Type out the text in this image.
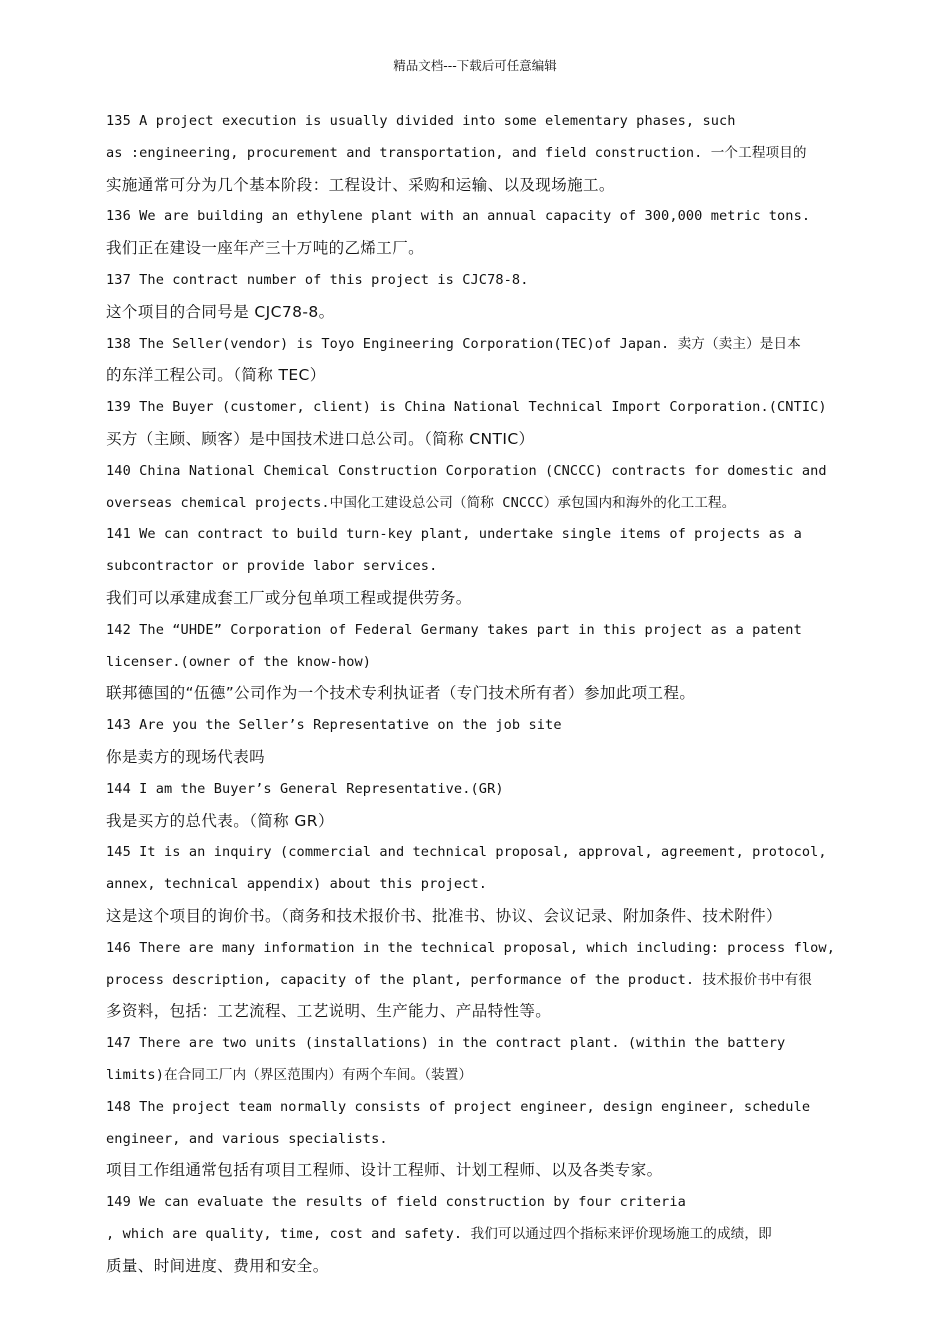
精品文档---下载后可任意编辑
135 A project execution is usually divided into some elementary phases, such
as :engineering, procurement and transportation, and field construction. 一个工程项目的
实施通常可分为几个基本阶段：工程设计、采购和运输、以及现场施工。
136 We are building an ethylene plant with an annual capacity of 300,000 metric tons.
我们正在建设一座年产三十万吨的乙烯工厂。
137 The contract number of this project is CJC78-8.
这个项目的合同号是 CJC78-8。
138 The Seller(vendor) is Toyo Engineering Corporation(TEC)of Japan. 卖方（卖主）是日本
的东洋工程公司。（简称 TEC）
139 The Buyer (customer, client) is China National Technical Import Corporation.(CNTIC)
买方（主顾、顾客）是中国技术进口总公司。（简称 CNTIC）
140 China National Chemical Construction Corporation (CNCCC) contracts for domestic and
overseas chemical projects.中国化工建设总公司（简称 CNCCC）承包国内和海外的化工工程。
141 We can contract to build turn-key plant, undertake single items of projects as a
subcontractor or provide labor services.
我们可以承建成套工厂或分包单项工程或提供劳务。
142 The “UHDE” Corporation of Federal Germany takes part in this project as a patent
licenser.(owner of the know-how)
联邦德国的“伍德”公司作为一个技术专利执证者（专门技术所有者）参加此项工程。
143 Are you the Seller’s Representative on the job site
你是卖方的现场代表吗
144 I am the Buyer’s General Representative.(GR)
我是买方的总代表。（简称 GR）
145 It is an inquiry (commercial and technical proposal, approval, agreement, protocol,
annex, technical appendix) about this project.
这是这个项目的询价书。（商务和技术报价书、批准书、协议、会议记录、附加条件、技术附件）
146 There are many information in the technical proposal, which including: process flow,
process description, capacity of the plant, performance of the product. 技术报价书中有很
多资料，包括：工艺流程、工艺说明、生产能力、产品特性等。
147 There are two units (installations) in the contract plant. (within the battery
limits)在合同工厂内（界区范围内）有两个车间。（装置）
148 The project team normally consists of project engineer, design engineer, schedule
engineer, and various specialists.
项目工作组通常包括有项目工程师、设计工程师、计划工程师、以及各类专家。
149 We can evaluate the results of field construction by four criteria
, which are quality, time, cost and safety. 我们可以通过四个指标来评价现场施工的成绩，即
质量、时间进度、费用和安全。
